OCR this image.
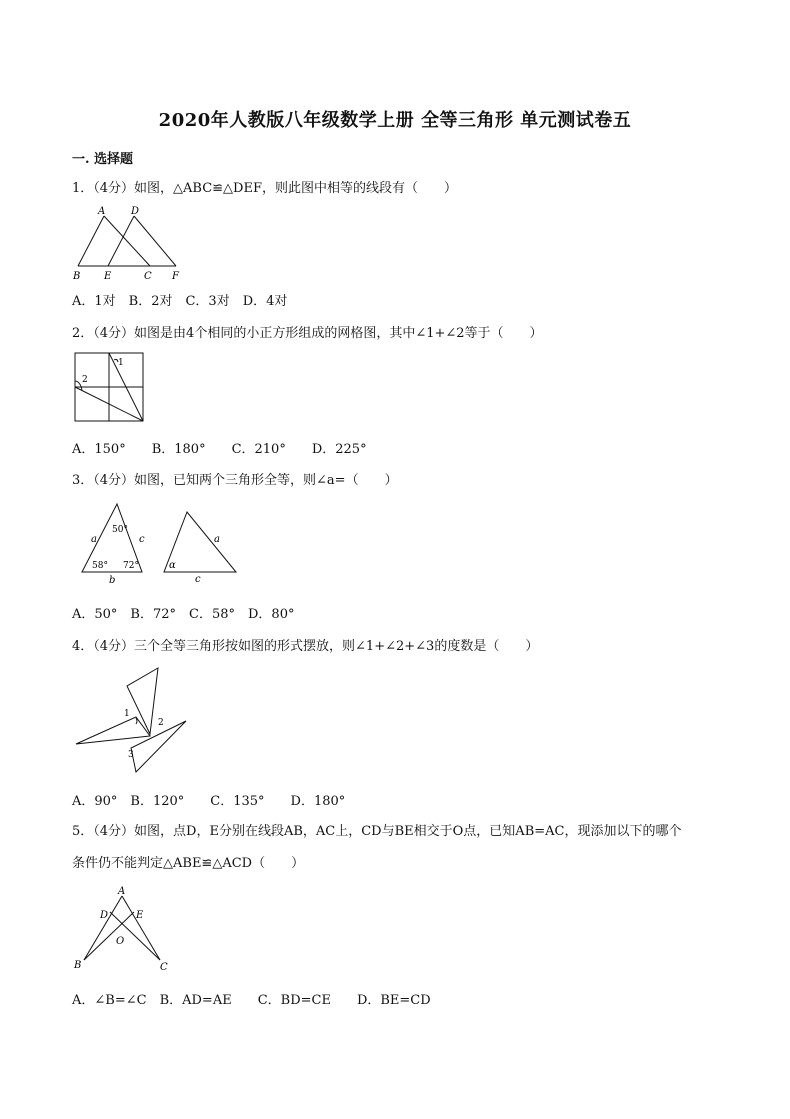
2020年人教版八年级数学上册 全等三角形 单元测试卷五
一. 选择题
1．（4分）如图，△ABC≌△DEF，则此图中相等的线段有（　　）
A	D
B E	C F
A．1对　B．2对　C．3对　D．4对
2．（4分）如图是由4个相同的小正方形组成的网格图，其中∠1+∠2等于（　　）
1
2
A．150°　　B．180°　　C．210°　　D．225°
3．（4分）如图，已知两个三角形全等，则∠a=（　　）
50°
58° 72°
a	c
b
α
a
c
A．50°　B．72°　C．58°　D．80°
4．（4分）三个全等三角形按如图的形式摆放，则∠1+∠2+∠3的度数是（　　）
1
2
3
A．90°　B．120°　　C．135°　　D．180°
5．（4分）如图，点D，E分别在线段AB，AC上，CD与BE相交于O点，已知AB=AC，现添加以下的哪个
条件仍不能判定△ABE≌△ACD（　　）
A
D	E
O
B	C
A．∠B=∠C　B．AD=AE　　C．BD=CE　　D．BE=CD
